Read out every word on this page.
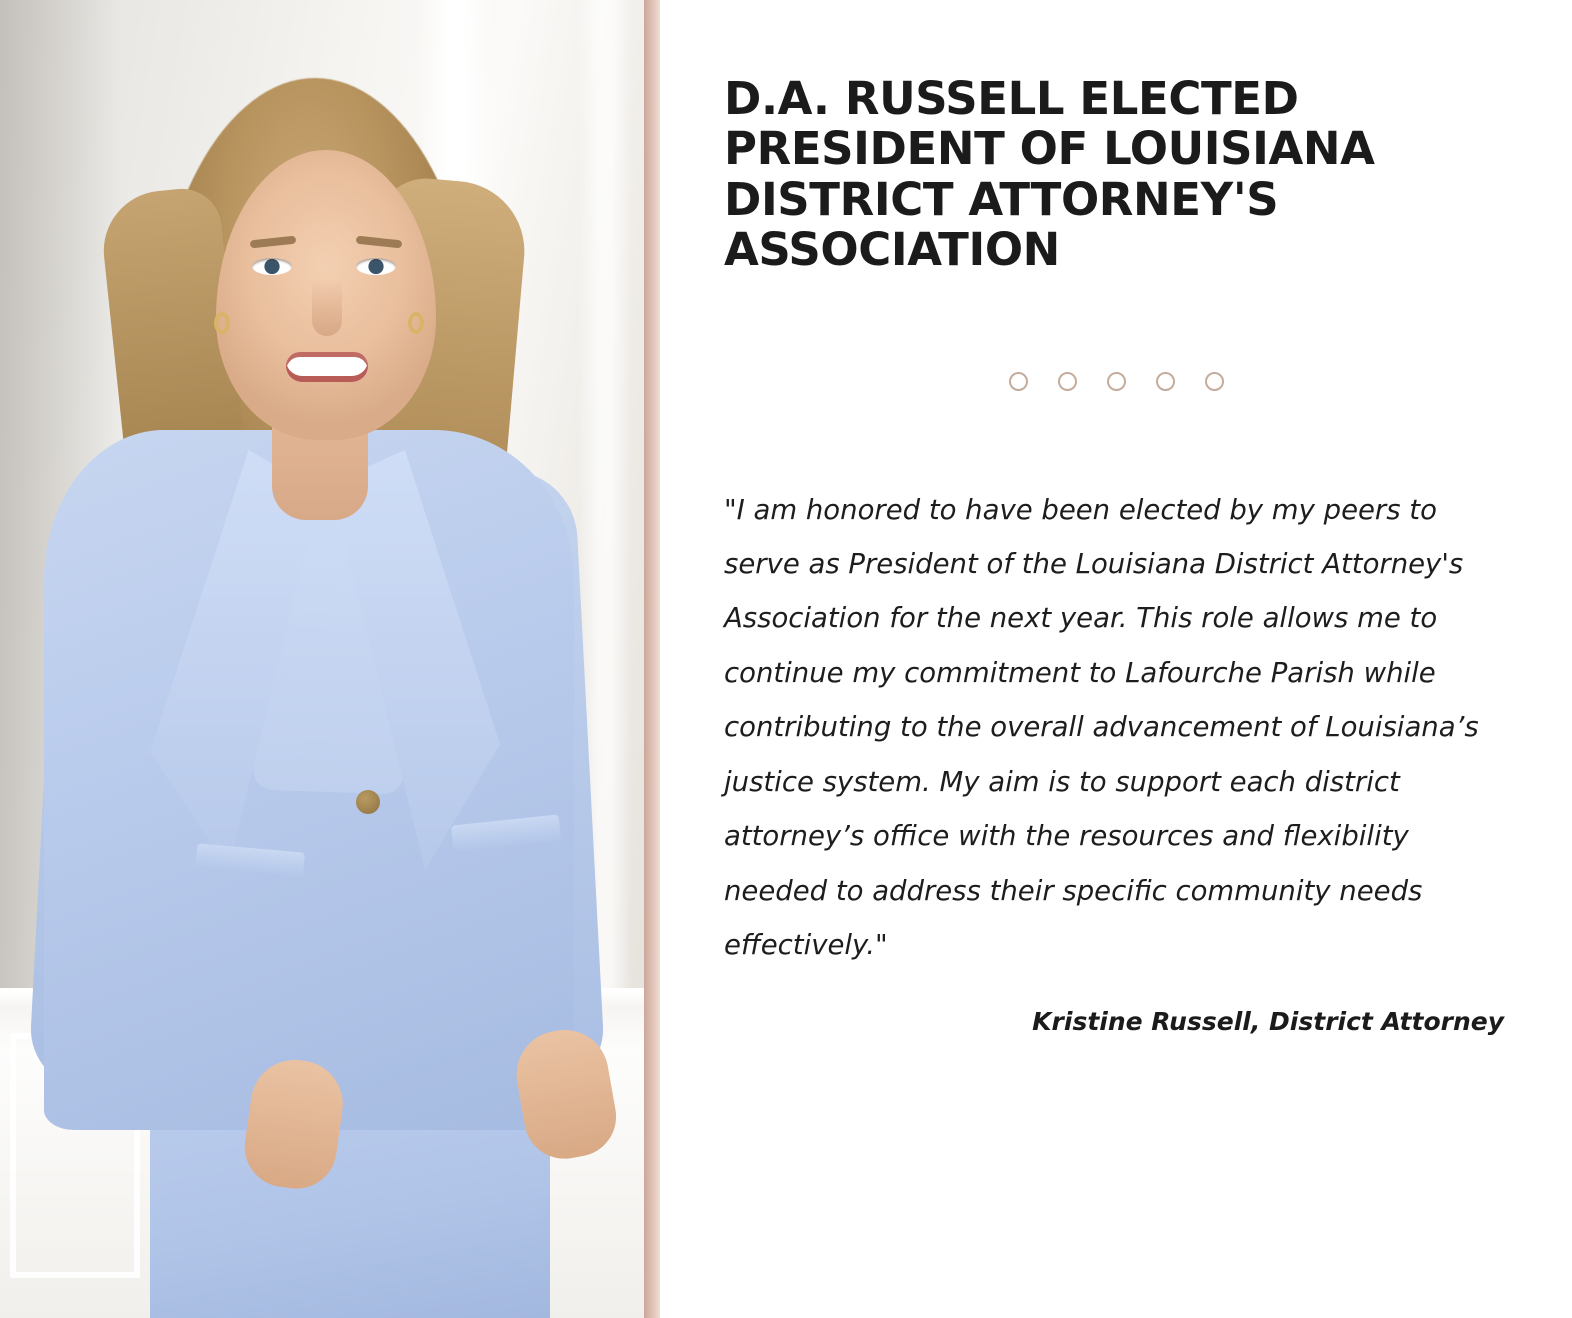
D.A. RUSSELL ELECTED PRESIDENT OF LOUISIANA DISTRICT ATTORNEY'S ASSOCIATION
"I am honored to have been elected by my peers to serve as President of the Louisiana District Attorney's Association for the next year. This role allows me to continue my commitment to Lafourche Parish while contributing to the overall advancement of Louisiana’s justice system. My aim is to support each district attorney’s office with the resources and flexibility needed to address their specific community needs effectively."
Kristine Russell, District Attorney
